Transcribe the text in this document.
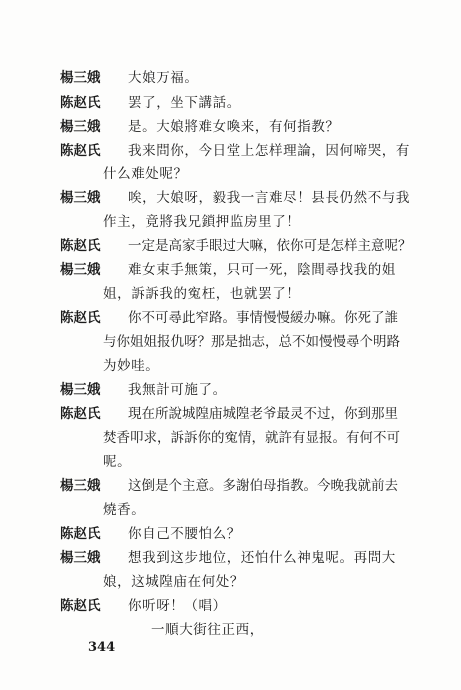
楊三娥 大娘万福。
陈赵氏 罢了，坐下講話。
楊三娥 是。大娘將难女喚来，有何指教？
陈赵氏 我来問你，今日堂上怎样理論，因何啼哭，有
什么难处呢？
楊三娥 唉，大娘呀，毅我一言难尽！县長仍然不与我
作主，竟將我兄鎖押监房里了！
陈赵氏 一定是高家手眼过大嘛，依你可是怎样主意呢？
楊三娥 难女束手無策，只可一死，陰間尋找我的姐
姐，訴訴我的寃枉，也就罢了！
陈赵氏 你不可尋此窄路。事情慢慢緩办嘛。你死了誰
与你姐姐报仇呀？那是拙志，总不如慢慢尋个明路
为妙哇。
楊三娥 我無計可施了。
陈赵氏 現在所說城隍庙城隍老爷最灵不过，你到那里
焚香叩求，訴訴你的寃情，就許有显报。有何不可
呢。
楊三娥 这倒是个主意。多謝伯母指教。今晚我就前去
燒香。
陈赵氏 你自己不腰怕么？
楊三娥 想我到这步地位，还怕什么神鬼呢。再問大
娘，这城隍庙在何处？
陈赵氏 你听呀！（唱）
一順大街往正西，
344
